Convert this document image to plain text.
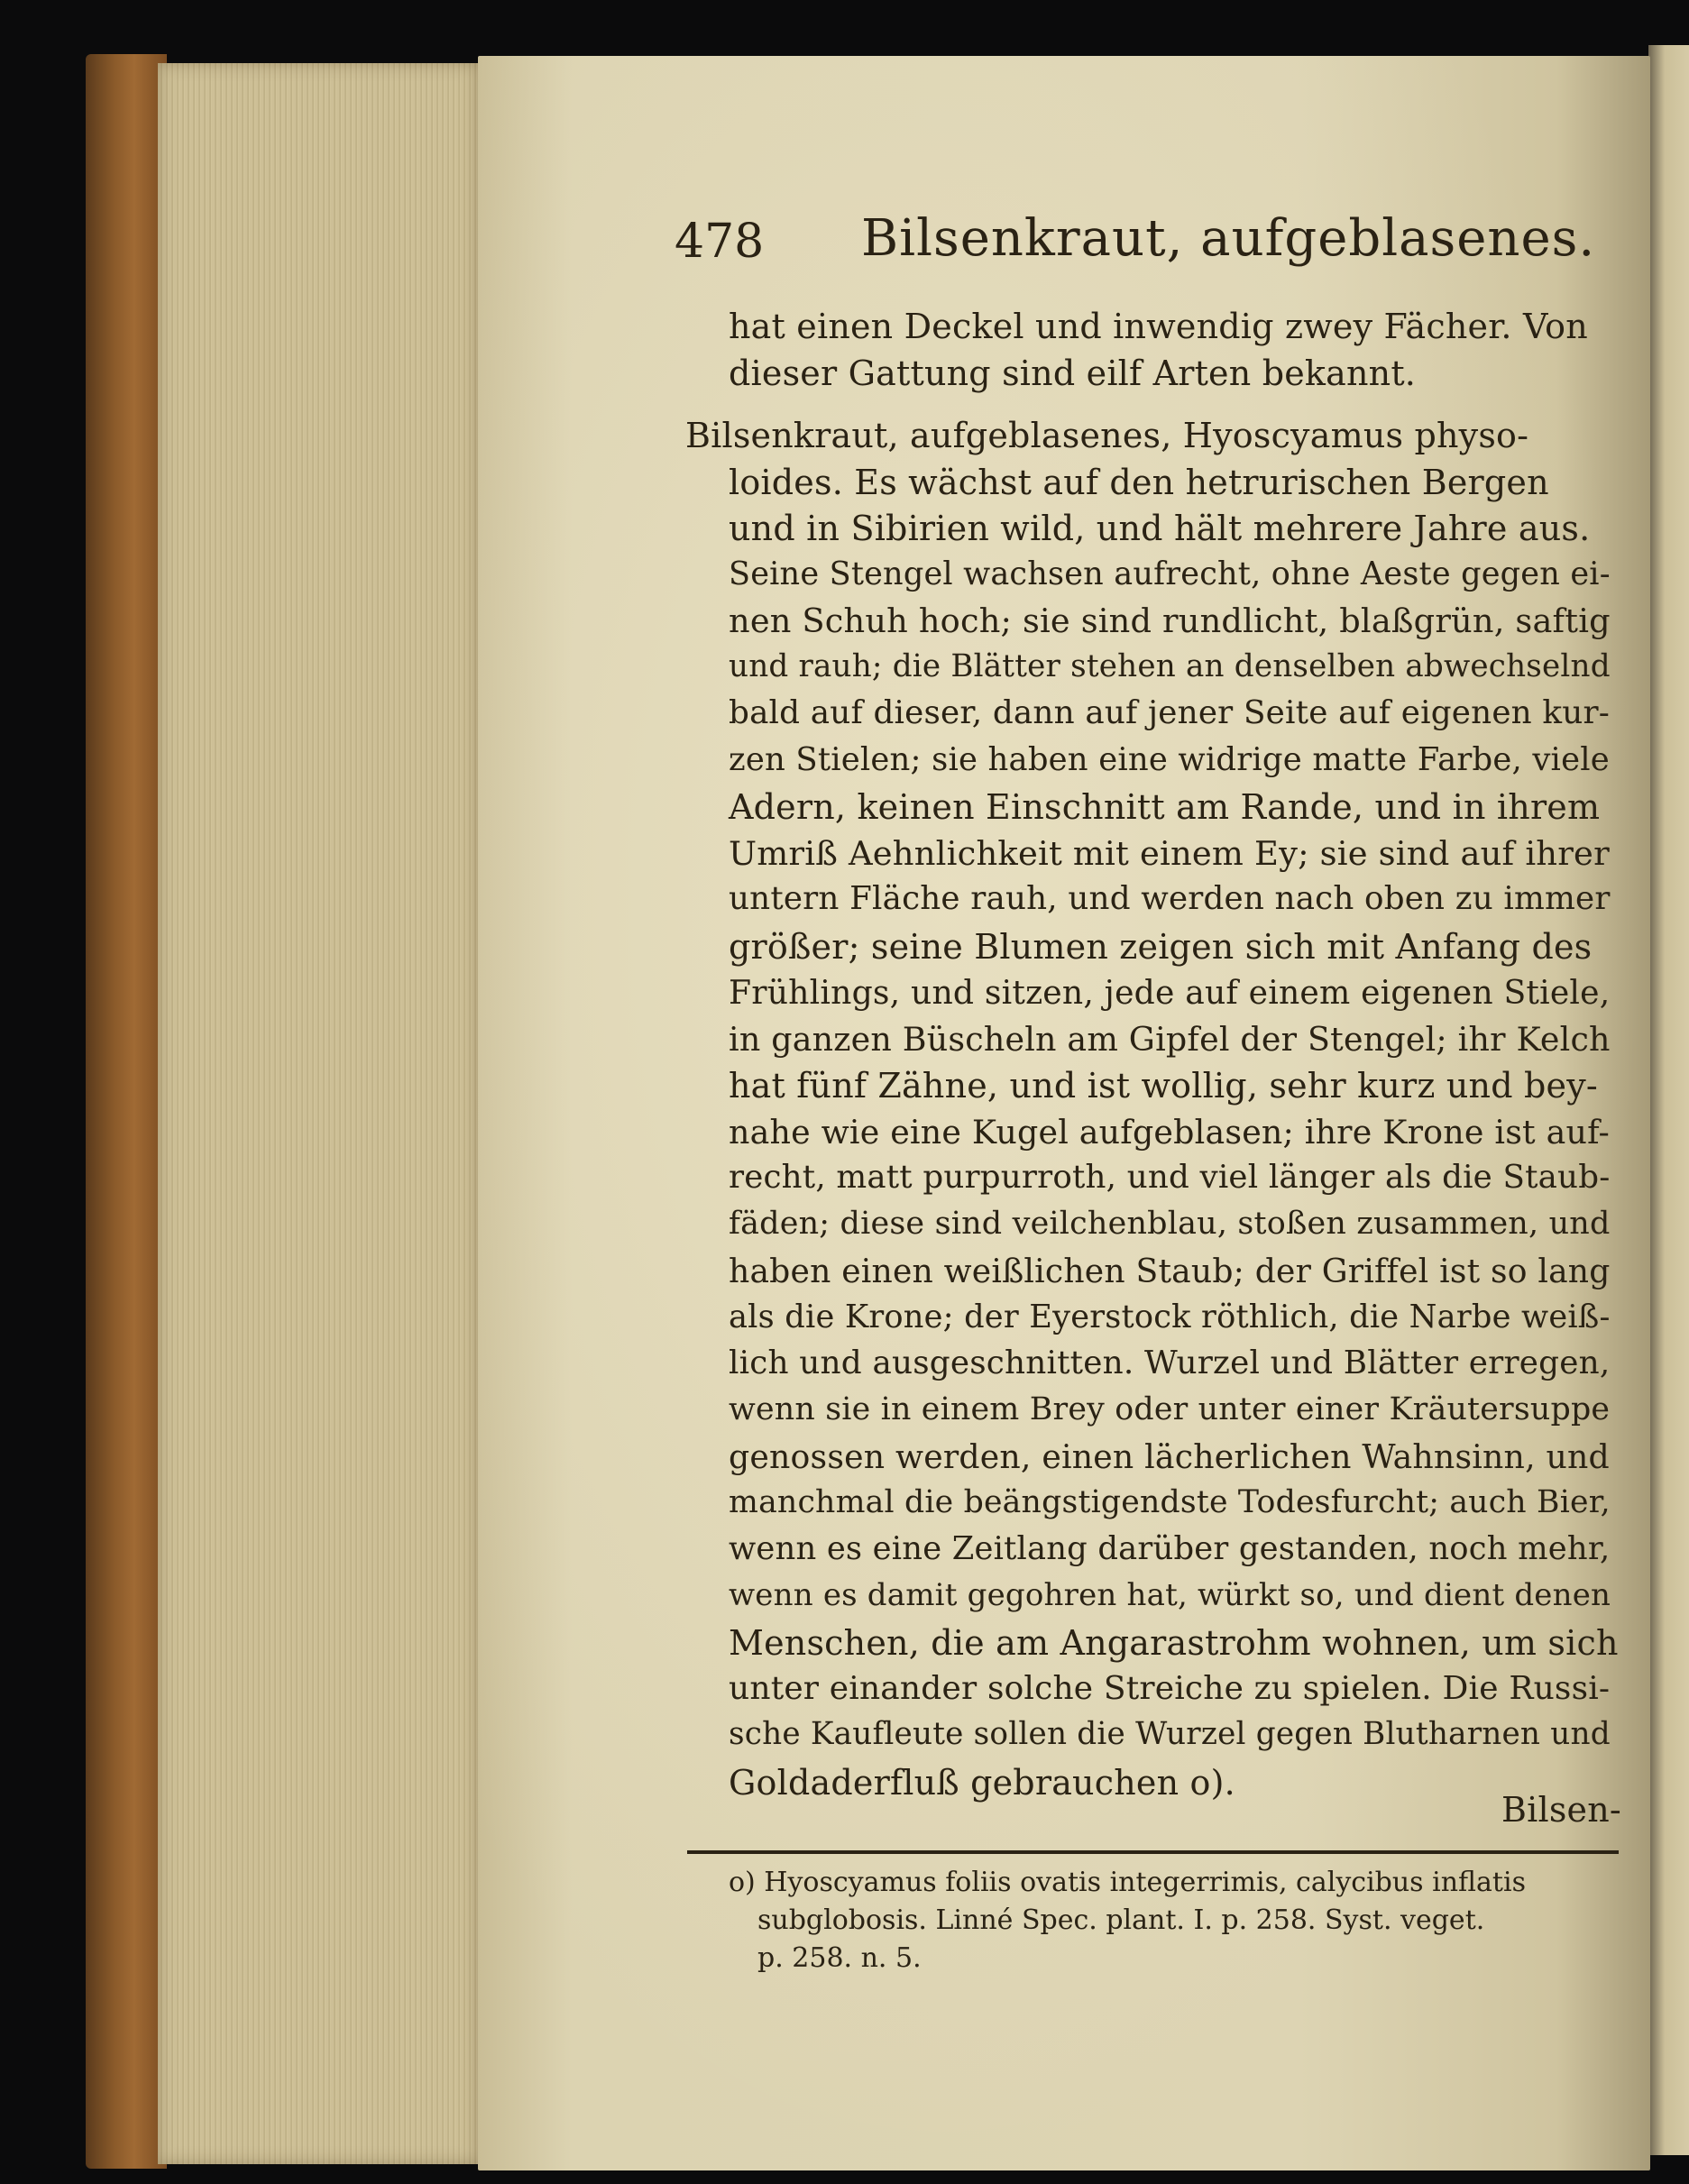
478 Bilsenkraut, aufgeblasenes.
hat einen Deckel und inwendig zwey Fächer. Von
dieser Gattung sind eilf Arten bekannt.
Bilsenkraut, aufgeblasenes, Hyoscyamus physo-
loides. Es wächst auf den hetrurischen Bergen
und in Sibirien wild, und hält mehrere Jahre aus.
Seine Stengel wachsen aufrecht, ohne Aeste gegen ei-
nen Schuh hoch; sie sind rundlicht, blaßgrün, saftig
und rauh; die Blätter stehen an denselben abwechselnd
bald auf dieser, dann auf jener Seite auf eigenen kur-
zen Stielen; sie haben eine widrige matte Farbe, viele
Adern, keinen Einschnitt am Rande, und in ihrem
Umriß Aehnlichkeit mit einem Ey; sie sind auf ihrer
untern Fläche rauh, und werden nach oben zu immer
größer; seine Blumen zeigen sich mit Anfang des
Frühlings, und sitzen, jede auf einem eigenen Stiele,
in ganzen Büscheln am Gipfel der Stengel; ihr Kelch
hat fünf Zähne, und ist wollig, sehr kurz und bey-
nahe wie eine Kugel aufgeblasen; ihre Krone ist auf-
recht, matt purpurroth, und viel länger als die Staub-
fäden; diese sind veilchenblau, stoßen zusammen, und
haben einen weißlichen Staub; der Griffel ist so lang
als die Krone; der Eyerstock röthlich, die Narbe weiß-
lich und ausgeschnitten. Wurzel und Blätter erregen,
wenn sie in einem Brey oder unter einer Kräutersuppe
genossen werden, einen lächerlichen Wahnsinn, und
manchmal die beängstigendste Todesfurcht; auch Bier,
wenn es eine Zeitlang darüber gestanden, noch mehr,
wenn es damit gegohren hat, würkt so, und dient denen
Menschen, die am Angarastrohm wohnen, um sich
unter einander solche Streiche zu spielen. Die Russi-
sche Kaufleute sollen die Wurzel gegen Blutharnen und
Goldaderfluß gebrauchen o).
Bilsen-
o) Hyoscyamus foliis ovatis integerrimis, calycibus inflatis
subglobosis. Linné Spec. plant. I. p. 258. Syst. veget.
p. 258. n. 5.
